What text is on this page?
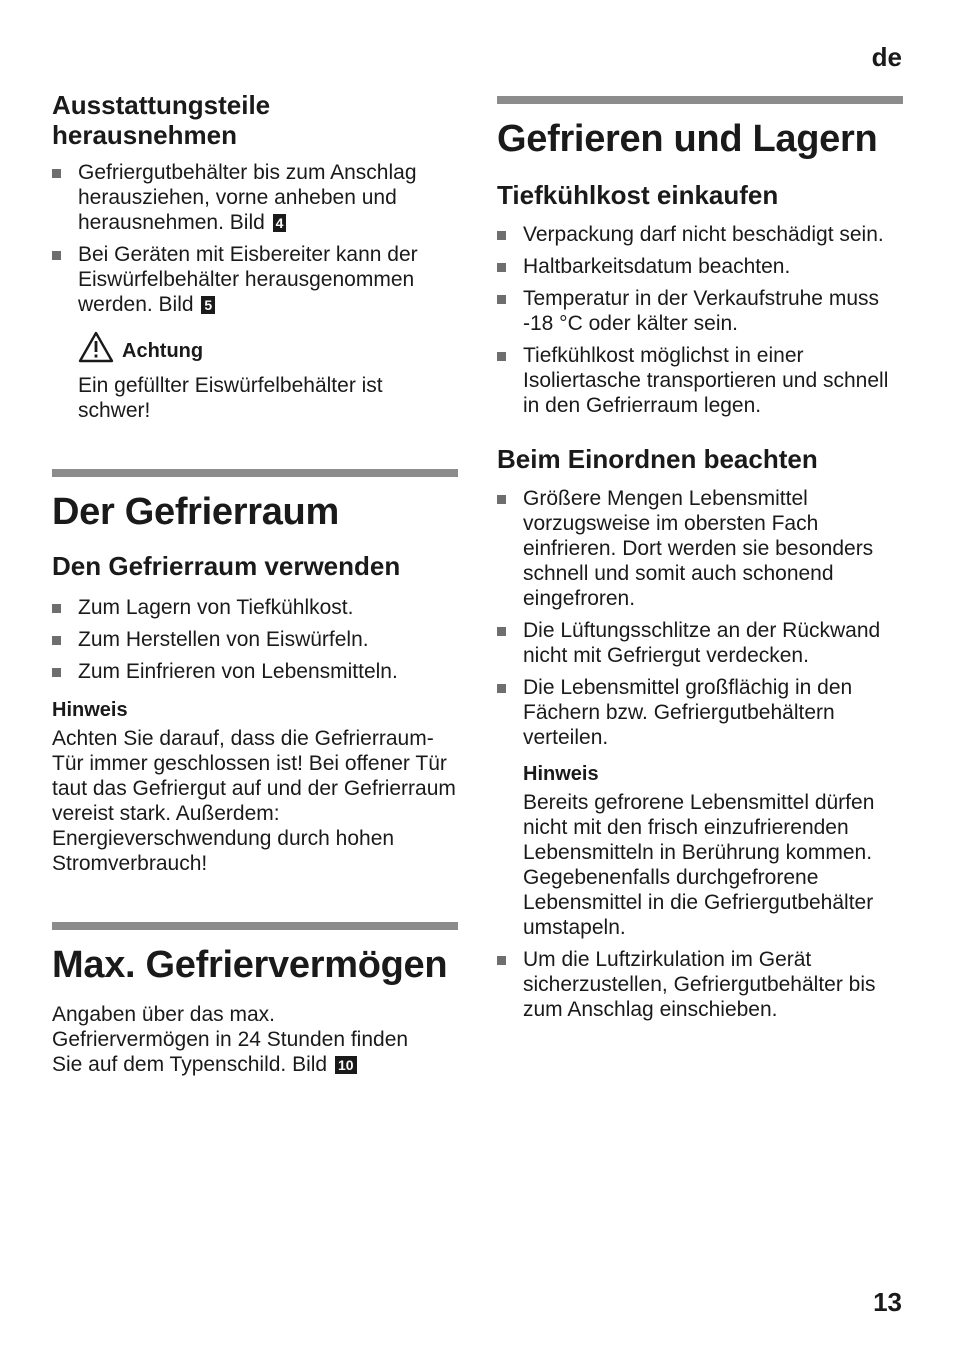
de
Ausstattungsteile herausnehmen
Gefriergutbehälter bis zum Anschlag herausziehen, vorne anheben und herausnehmen. Bild 4
Bei Geräten mit Eisbereiter kann der Eiswürfelbehälter herausgenommen werden. Bild 5
Achtung

Ein gefüllter Eiswürfelbehälter ist schwer!

Der Gefrierraum
Den Gefrierraum verwenden
Zum Lagern von Tiefkühlkost.
Zum Herstellen von Eiswürfeln.
Zum Einfrieren von Lebensmitteln.
Hinweis

Achten Sie darauf, dass die Gefrierraum-Tür immer geschlossen ist! Bei offener Tür taut das Gefriergut auf und der Gefrierraum vereist stark. Außerdem: Energieverschwendung durch hohen Stromverbrauch!

Max. Gefriervermögen

Angaben über das max. Gefriervermögen in 24 Stunden finden Sie auf dem Typenschild. Bild 10

Gefrieren und Lagern
Tiefkühlkost einkaufen
Verpackung darf nicht beschädigt sein.
Haltbarkeitsdatum beachten.
Temperatur in der Verkaufstruhe muss -18 °C oder kälter sein.
Tiefkühlkost möglichst in einer Isoliertasche transportieren und schnell in den Gefrierraum legen.
Beim Einordnen beachten
Größere Mengen Lebensmittel vorzugsweise im obersten Fach einfrieren. Dort werden sie besonders schnell und somit auch schonend eingefroren.
Die Lüftungsschlitze an der Rückwand nicht mit Gefriergut verdecken.
Die Lebensmittel großflächig in den Fächern bzw. Gefriergutbehältern verteilen.
Hinweis

Bereits gefrorene Lebensmittel dürfen nicht mit den frisch einzufrierenden Lebensmitteln in Berührung kommen. Gegebenenfalls durchgefrorene Lebensmittel in die Gefriergutbehälter umstapeln.

Um die Luftzirkulation im Gerät sicherzustellen, Gefriergutbehälter bis zum Anschlag einschieben.
13
